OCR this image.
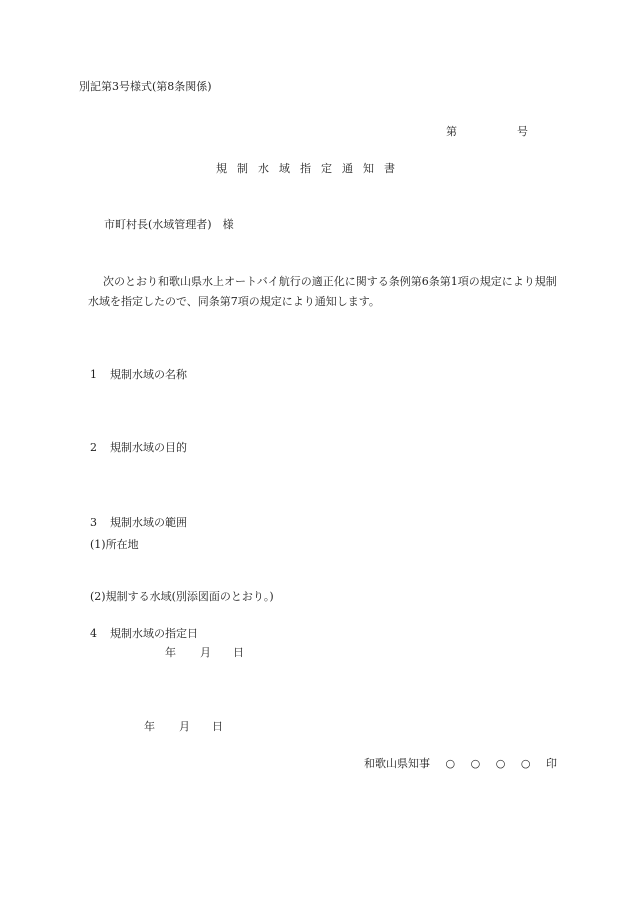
別記第3号様式(第8条関係)
第	号
規制水域指定通知書
市町村長(水域管理者)　様
次のとおり和歌山県水上オートバイ航行の適正化に関する条例第6条第1項の規定により規制水域を指定したので、同条第7項の規定により通知します。
1 規制水域の名称
2 規制水域の目的
3 規制水域の範囲
(1)所在地
(2)規制する水域(別添図面のとおり。)
4 規制水域の指定日
年 月 日
年 月 日
和歌山県知事 ○ ○ ○ ○ 印
